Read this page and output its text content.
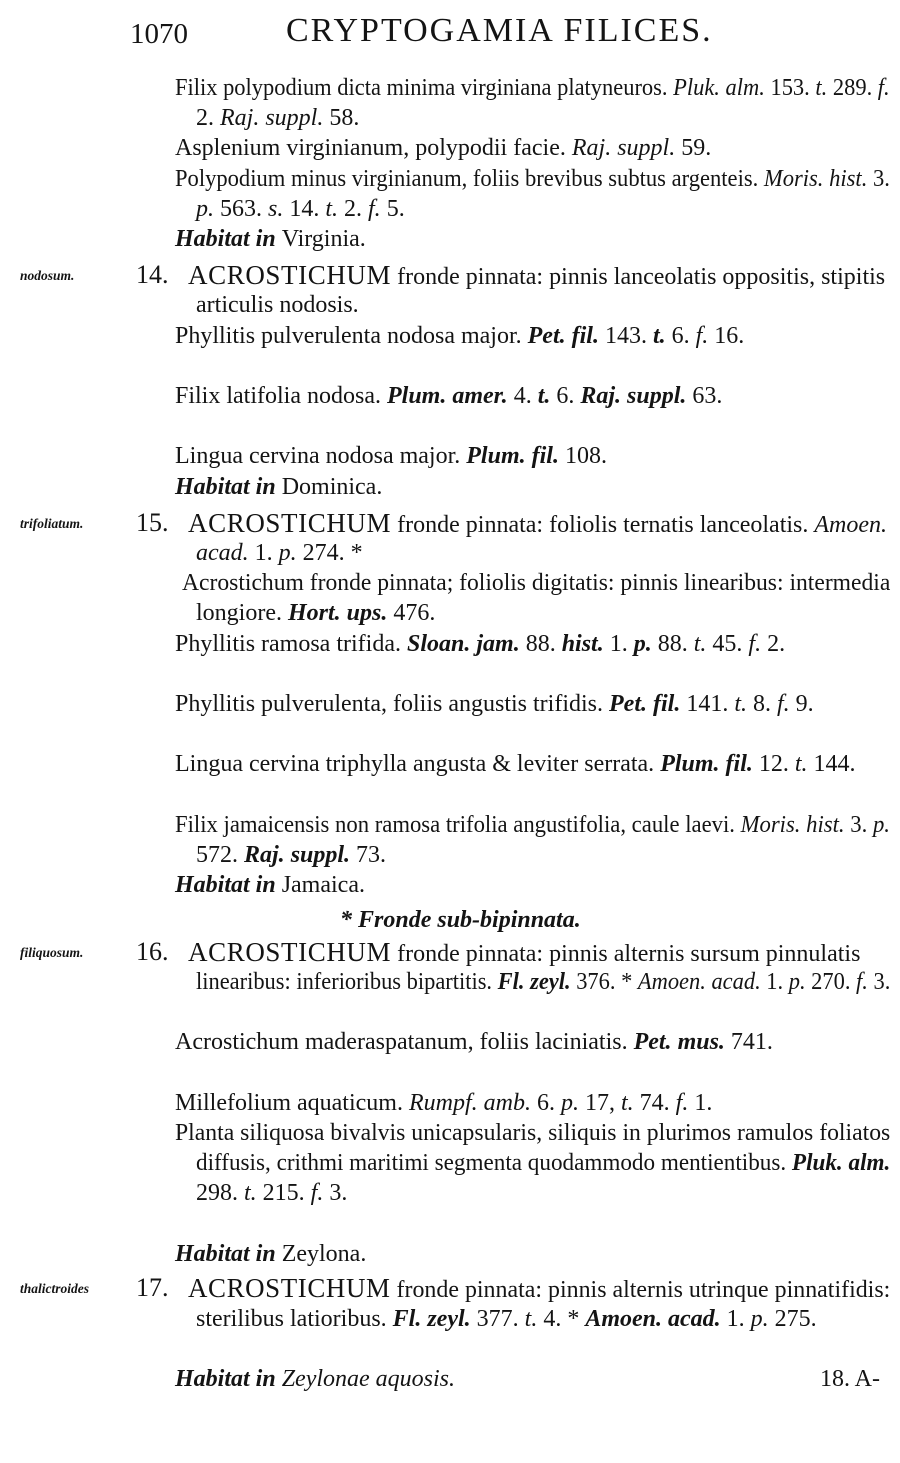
1070	CRYPTOGAMIA FILICES.
Filix polypodium dicta minima virginiana platyneuros. Pluk. alm. 153. t. 289. f.
2. Raj. suppl. 58.
Asplenium virginianum, polypodii facie. Raj. suppl. 59.
Polypodium minus virginianum, foliis brevibus subtus argenteis. Moris. hist. 3.
p. 563. s. 14. t. 2. f. 5.
Habitat in Virginia.
nodosum. 14. ACROSTICHUM fronde pinnata: pinnis lanceolatis oppositis, stipitis
articulis nodosis.
Phyllitis pulverulenta nodosa major. Pet. fil. 143. t. 6. f. 16.
Filix latifolia nodosa. Plum. amer. 4. t. 6. Raj. suppl. 63.
Lingua cervina nodosa major. Plum. fil. 108.
Habitat in Dominica.
trifoliatum. 15. ACROSTICHUM fronde pinnata: foliolis ternatis lanceolatis. Amoen.
acad. 1. p. 274. *
Acrostichum fronde pinnata; foliolis digitatis: pinnis linearibus: intermedia
longiore. Hort. ups. 476.
Phyllitis ramosa trifida. Sloan. jam. 88. hist. 1. p. 88. t. 45. f. 2.
Phyllitis pulverulenta, foliis angustis trifidis. Pet. fil. 141. t. 8. f. 9.
Lingua cervina triphylla angusta & leviter serrata. Plum. fil. 12. t. 144.
Filix jamaicensis non ramosa trifolia angustifolia, caule laevi. Moris. hist. 3. p.
572. Raj. suppl. 73.
Habitat in Jamaica.
* Fronde sub-bipinnata.
filiquosum. 16. ACROSTICHUM fronde pinnata: pinnis alternis sursum pinnulatis
linearibus: inferioribus bipartitis. Fl. zeyl. 376. * Amoen. acad. 1. p. 270. f. 3.
Acrostichum maderaspatanum, foliis laciniatis. Pet. mus. 741.
Millefolium aquaticum. Rumpf. amb. 6. p. 17, t. 74. f. 1.
Planta siliquosa bivalvis unicapsularis, siliquis in plurimos ramulos foliatos
diffusis, crithmi maritimi segmenta quodammodo mentientibus. Pluk. alm.
298. t. 215. f. 3.
Habitat in Zeylona.
thalictroides 17. ACROSTICHUM fronde pinnata: pinnis alternis utrinque pinnatifidis:
sterilibus latioribus. Fl. zeyl. 377. t. 4. * Amoen. acad. 1. p. 275.
Habitat in Zeylonae aquosis.	18. A-
